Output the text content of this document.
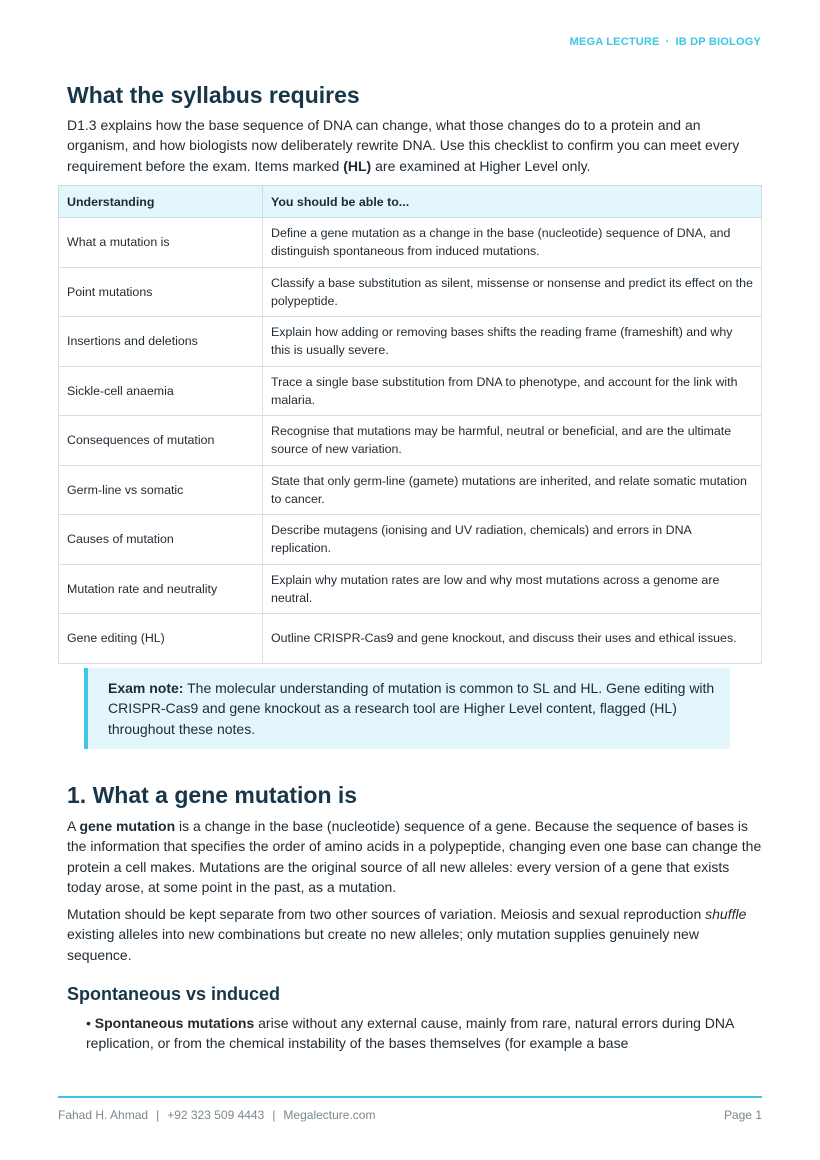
MEGA LECTURE · IB DP BIOLOGY
What the syllabus requires

D1.3 explains how the base sequence of DNA can change, what those changes do to a protein and an organism, and how biologists now deliberately rewrite DNA. Use this checklist to confirm you can meet every requirement before the exam. Items marked (HL) are examined at Higher Level only.

Understanding	You should be able to...
What a mutation is	Define a gene mutation as a change in the base (nucleotide) sequence of DNA, and distinguish spontaneous from induced mutations.
Point mutations	Classify a base substitution as silent, missense or nonsense and predict its effect on the polypeptide.
Insertions and deletions	Explain how adding or removing bases shifts the reading frame (frameshift) and why this is usually severe.
Sickle-cell anaemia	Trace a single base substitution from DNA to phenotype, and account for the link with malaria.
Consequences of mutation	Recognise that mutations may be harmful, neutral or beneficial, and are the ultimate source of new variation.
Germ-line vs somatic	State that only germ-line (gamete) mutations are inherited, and relate somatic mutation to cancer.
Causes of mutation	Describe mutagens (ionising and UV radiation, chemicals) and errors in DNA replication.
Mutation rate and neutrality	Explain why mutation rates are low and why most mutations across a genome are neutral.
Gene editing (HL)	Outline CRISPR-Cas9 and gene knockout, and discuss their uses and ethical issues.
Exam note: The molecular understanding of mutation is common to SL and HL. Gene editing with CRISPR-Cas9 and gene knockout as a research tool are Higher Level content, flagged (HL) throughout these notes.
1. What a gene mutation is

A gene mutation is a change in the base (nucleotide) sequence of a gene. Because the sequence of bases is the information that specifies the order of amino acids in a polypeptide, changing even one base can change the protein a cell makes. Mutations are the original source of all new alleles: every version of a gene that exists today arose, at some point in the past, as a mutation.

Mutation should be kept separate from two other sources of variation. Meiosis and sexual reproduction shuffle existing alleles into new combinations but create no new alleles; only mutation supplies genuinely new sequence.

Spontaneous vs induced

• Spontaneous mutations arise without any external cause, mainly from rare, natural errors during DNA replication, or from the chemical instability of the bases themselves (for example a base

Fahad H. Ahmad | +92 323 509 4443 | Megalecture.com	Page 1
